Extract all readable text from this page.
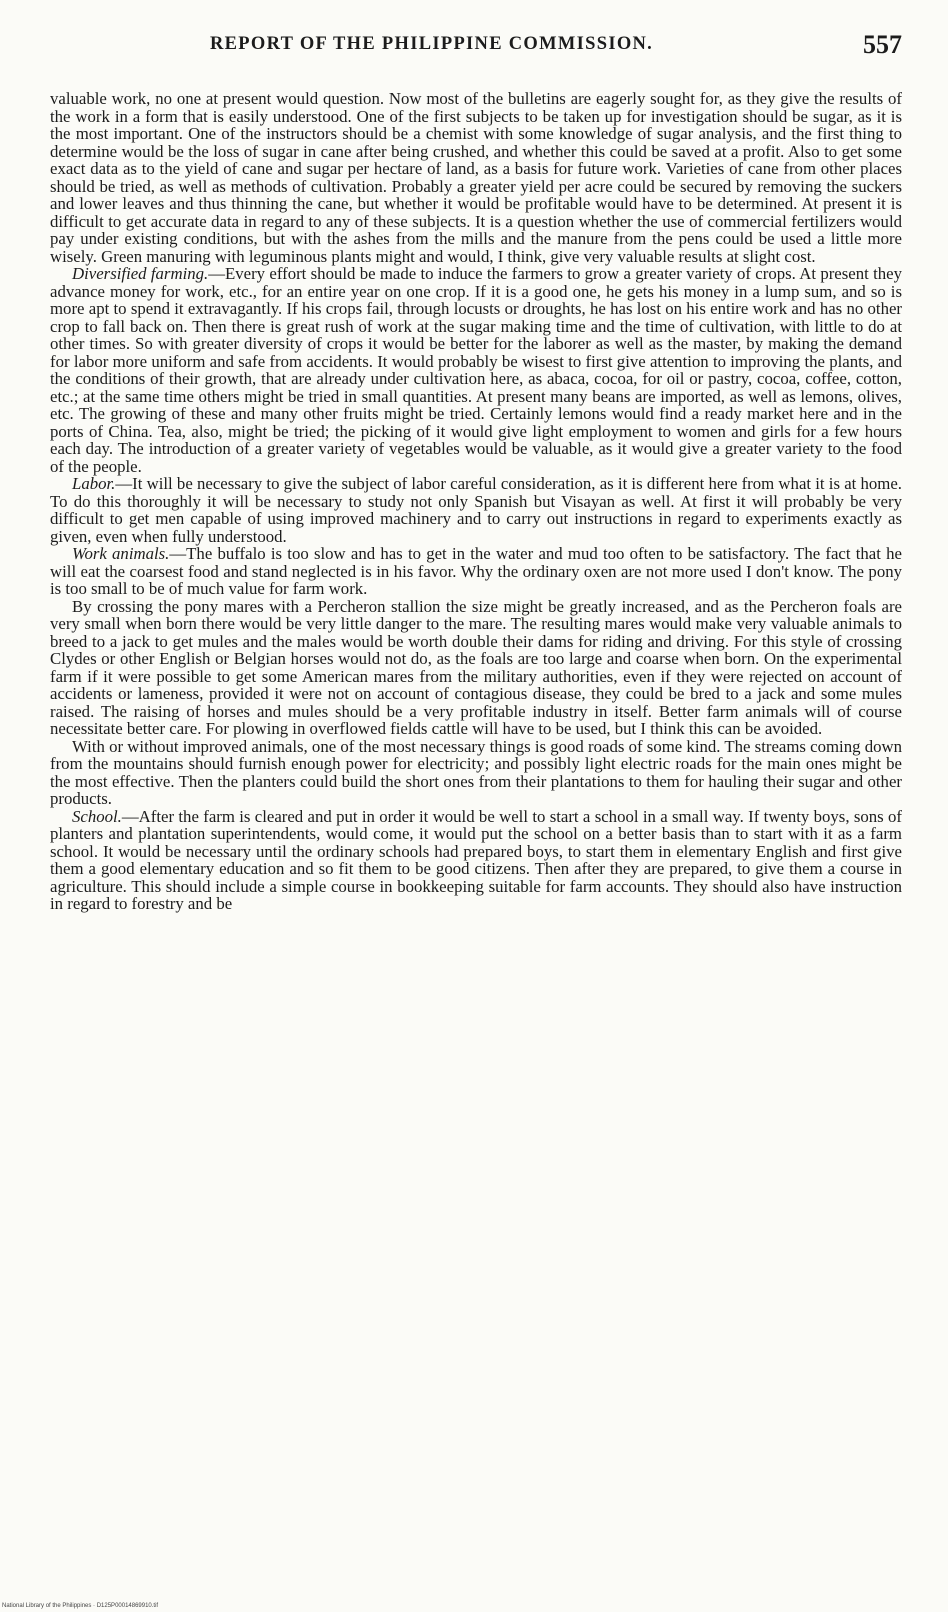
REPORT OF THE PHILIPPINE COMMISSION.	557

valuable work, no one at present would question. Now most of the bulletins are eagerly sought for, as they give the results of the work in a form that is easily understood. One of the first subjects to be taken up for investigation should be sugar, as it is the most important. One of the instructors should be a chemist with some knowledge of sugar analysis, and the first thing to determine would be the loss of sugar in cane after being crushed, and whether this could be saved at a profit. Also to get some exact data as to the yield of cane and sugar per hectare of land, as a basis for future work. Varieties of cane from other places should be tried, as well as methods of cultivation. Probably a greater yield per acre could be secured by removing the suckers and lower leaves and thus thinning the cane, but whether it would be profitable would have to be determined. At present it is difficult to get accurate data in regard to any of these subjects. It is a question whether the use of commercial fertilizers would pay under existing conditions, but with the ashes from the mills and the manure from the pens could be used a little more wisely. Green manuring with leguminous plants might and would, I think, give very valuable results at slight cost.

Diversified farming.—Every effort should be made to induce the farmers to grow a greater variety of crops. At present they advance money for work, etc., for an entire year on one crop. If it is a good one, he gets his money in a lump sum, and so is more apt to spend it extravagantly. If his crops fail, through locusts or droughts, he has lost on his entire work and has no other crop to fall back on. Then there is great rush of work at the sugar making time and the time of cultivation, with little to do at other times. So with greater diversity of crops it would be better for the laborer as well as the master, by making the demand for labor more uniform and safe from accidents. It would probably be wisest to first give attention to improving the plants, and the conditions of their growth, that are already under cultivation here, as abaca, cocoa, for oil or pastry, cocoa, coffee, cotton, etc.; at the same time others might be tried in small quantities. At present many beans are imported, as well as lemons, olives, etc. The growing of these and many other fruits might be tried. Certainly lemons would find a ready market here and in the ports of China. Tea, also, might be tried; the picking of it would give light employment to women and girls for a few hours each day. The introduction of a greater variety of vegetables would be valuable, as it would give a greater variety to the food of the people.

Labor.—It will be necessary to give the subject of labor careful consideration, as it is different here from what it is at home. To do this thoroughly it will be necessary to study not only Spanish but Visayan as well. At first it will probably be very difficult to get men capable of using improved machinery and to carry out instructions in regard to experiments exactly as given, even when fully understood.

Work animals.—The buffalo is too slow and has to get in the water and mud too often to be satisfactory. The fact that he will eat the coarsest food and stand neglected is in his favor. Why the ordinary oxen are not more used I don't know. The pony is too small to be of much value for farm work.

By crossing the pony mares with a Percheron stallion the size might be greatly increased, and as the Percheron foals are very small when born there would be very little danger to the mare. The resulting mares would make very valuable animals to breed to a jack to get mules and the males would be worth double their dams for riding and driving. For this style of crossing Clydes or other English or Belgian horses would not do, as the foals are too large and coarse when born. On the experimental farm if it were possible to get some American mares from the military authorities, even if they were rejected on account of accidents or lameness, provided it were not on account of contagious disease, they could be bred to a jack and some mules raised. The raising of horses and mules should be a very profitable industry in itself. Better farm animals will of course necessitate better care. For plowing in overflowed fields cattle will have to be used, but I think this can be avoided.

With or without improved animals, one of the most necessary things is good roads of some kind. The streams coming down from the mountains should furnish enough power for electricity; and possibly light electric roads for the main ones might be the most effective. Then the planters could build the short ones from their plantations to them for hauling their sugar and other products.

School.—After the farm is cleared and put in order it would be well to start a school in a small way. If twenty boys, sons of planters and plantation superintendents, would come, it would put the school on a better basis than to start with it as a farm school. It would be necessary until the ordinary schools had prepared boys, to start them in elementary English and first give them a good elementary education and so fit them to be good citizens. Then after they are prepared, to give them a course in agriculture. This should include a simple course in bookkeeping suitable for farm accounts. They should also have instruction in regard to forestry and be

National Library of the Philippines · D125P00014869910.tif
